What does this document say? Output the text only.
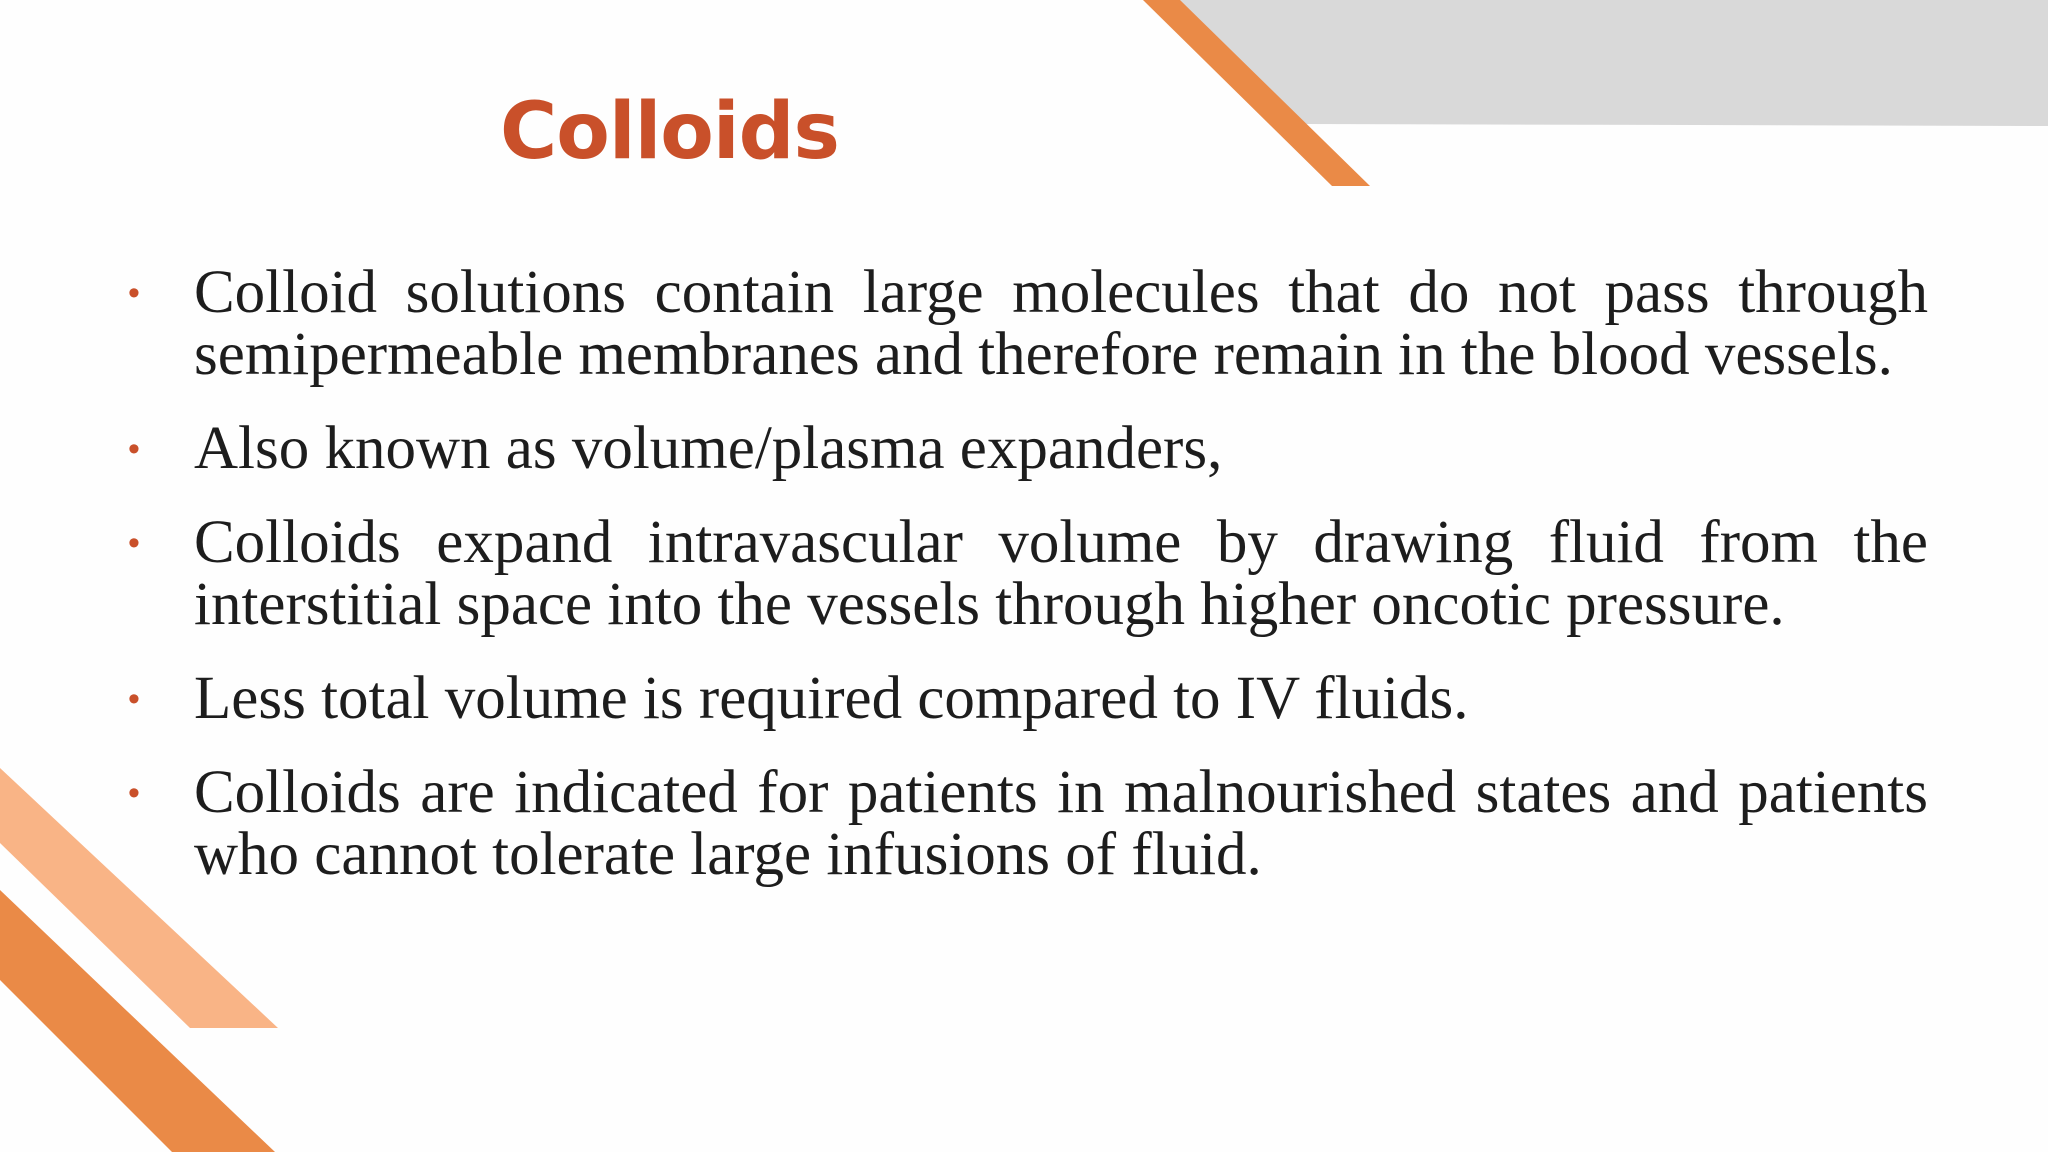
Colloids
• Colloid solutions contain large molecules that do not pass through semipermeable membranes and therefore remain in the blood vessels.
• Also known as volume/plasma expanders,
• Colloids expand intravascular volume by drawing fluid from the interstitial space into the vessels through higher oncotic pressure.
• Less total volume is required compared to IV fluids.
• Colloids are indicated for patients in malnourished states and patients who cannot tolerate large infusions of fluid.
